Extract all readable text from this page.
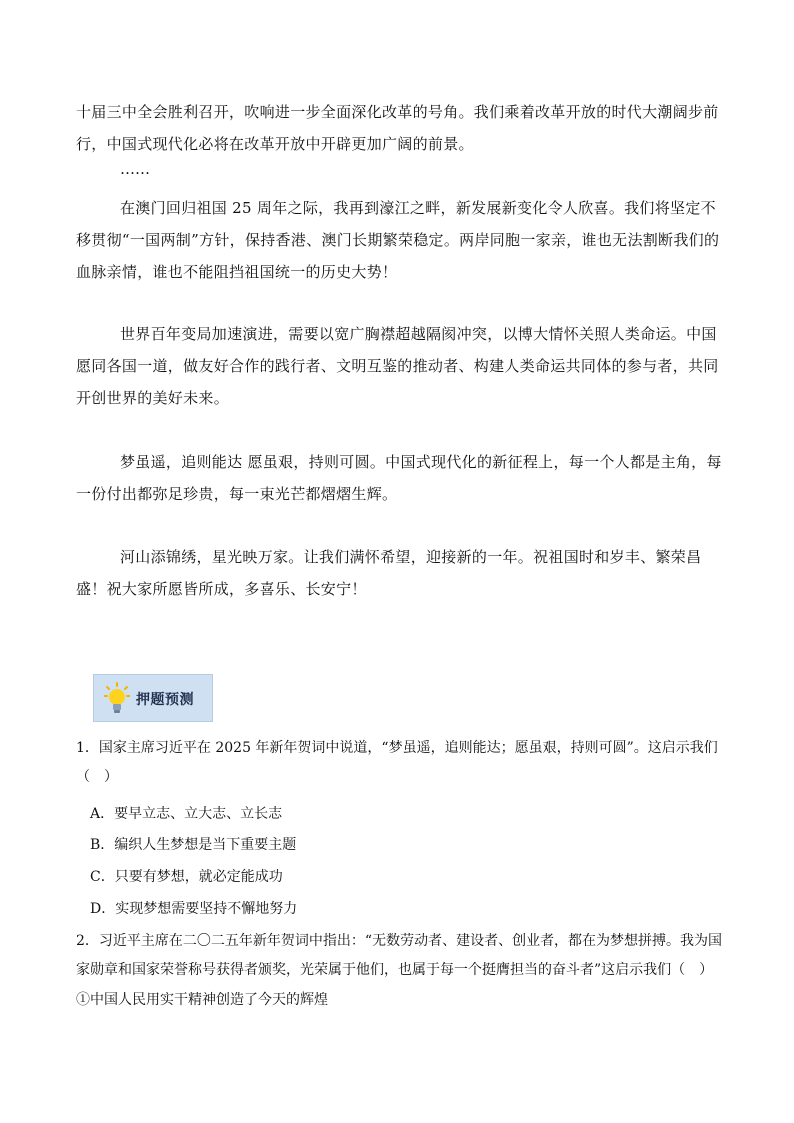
十届三中全会胜利召开，吹响进一步全面深化改革的号角。我们乘着改革开放的时代大潮阔步前行，中国式现代化必将在改革开放中开辟更加广阔的前景。

……

在澳门回归祖国 25 周年之际，我再到濠江之畔，新发展新变化令人欣喜。我们将坚定不移贯彻“一国两制”方针，保持香港、澳门长期繁荣稳定。两岸同胞一家亲，谁也无法割断我们的血脉亲情，谁也不能阻挡祖国统一的历史大势！

世界百年变局加速演进，需要以宽广胸襟超越隔阂冲突，以博大情怀关照人类命运。中国愿同各国一道，做友好合作的践行者、文明互鉴的推动者、构建人类命运共同体的参与者，共同开创世界的美好未来。

梦虽遥，追则能达 愿虽艰，持则可圆。中国式现代化的新征程上，每一个人都是主角，每一份付出都弥足珍贵，每一束光芒都熠熠生辉。

河山添锦绣，星光映万家。让我们满怀希望，迎接新的一年。祝祖国时和岁丰、繁荣昌盛！祝大家所愿皆所成，多喜乐、长安宁！

押题预测

1．国家主席习近平在 2025 年新年贺词中说道，“梦虽遥，追则能达；愿虽艰，持则可圆”。这启示我们（　）

A．要早立志、立大志、立长志

B．编织人生梦想是当下重要主题

C．只要有梦想，就必定能成功

D．实现梦想需要坚持不懈地努力

2．习近平主席在二〇二五年新年贺词中指出：“无数劳动者、建设者、创业者，都在为梦想拼搏。我为国家勋章和国家荣誉称号获得者颁奖，光荣属于他们，也属于每一个挺膺担当的奋斗者”这启示我们（　）

①中国人民用实干精神创造了今天的辉煌
